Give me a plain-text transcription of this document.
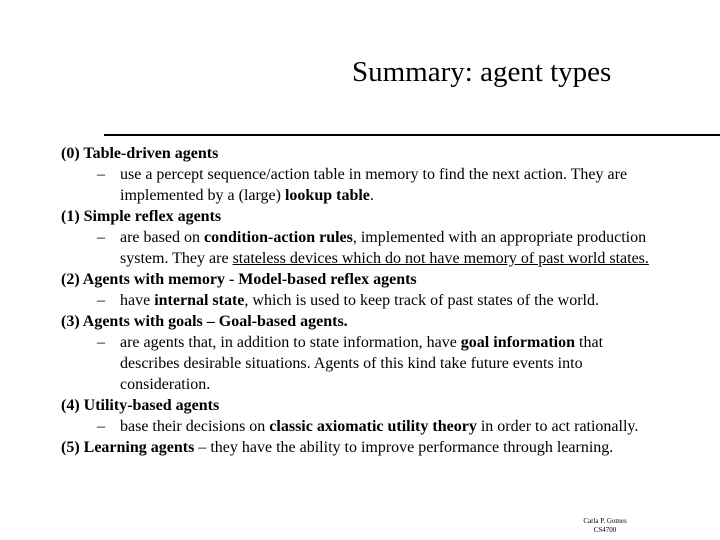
Summary: agent types
(0) Table-driven agents
– use a percept sequence/action table in memory to find the next action. They are
implemented by a (large) lookup table.
(1) Simple reflex agents
– are based on condition-action rules, implemented with an appropriate production
system. They are stateless devices which do not have memory of past world states.
(2) Agents with memory - Model-based reflex agents
– have internal state, which is used to keep track of past states of the world.
(3) Agents with goals – Goal-based agents.
– are agents that, in addition to state information, have goal information that
describes desirable situations. Agents of this kind take future events into
consideration.
(4) Utility-based agents
– base their decisions on classic axiomatic utility theory in order to act rationally.
(5) Learning agents – they have the ability to improve performance through learning.
Carla P. Gomes
CS4700
